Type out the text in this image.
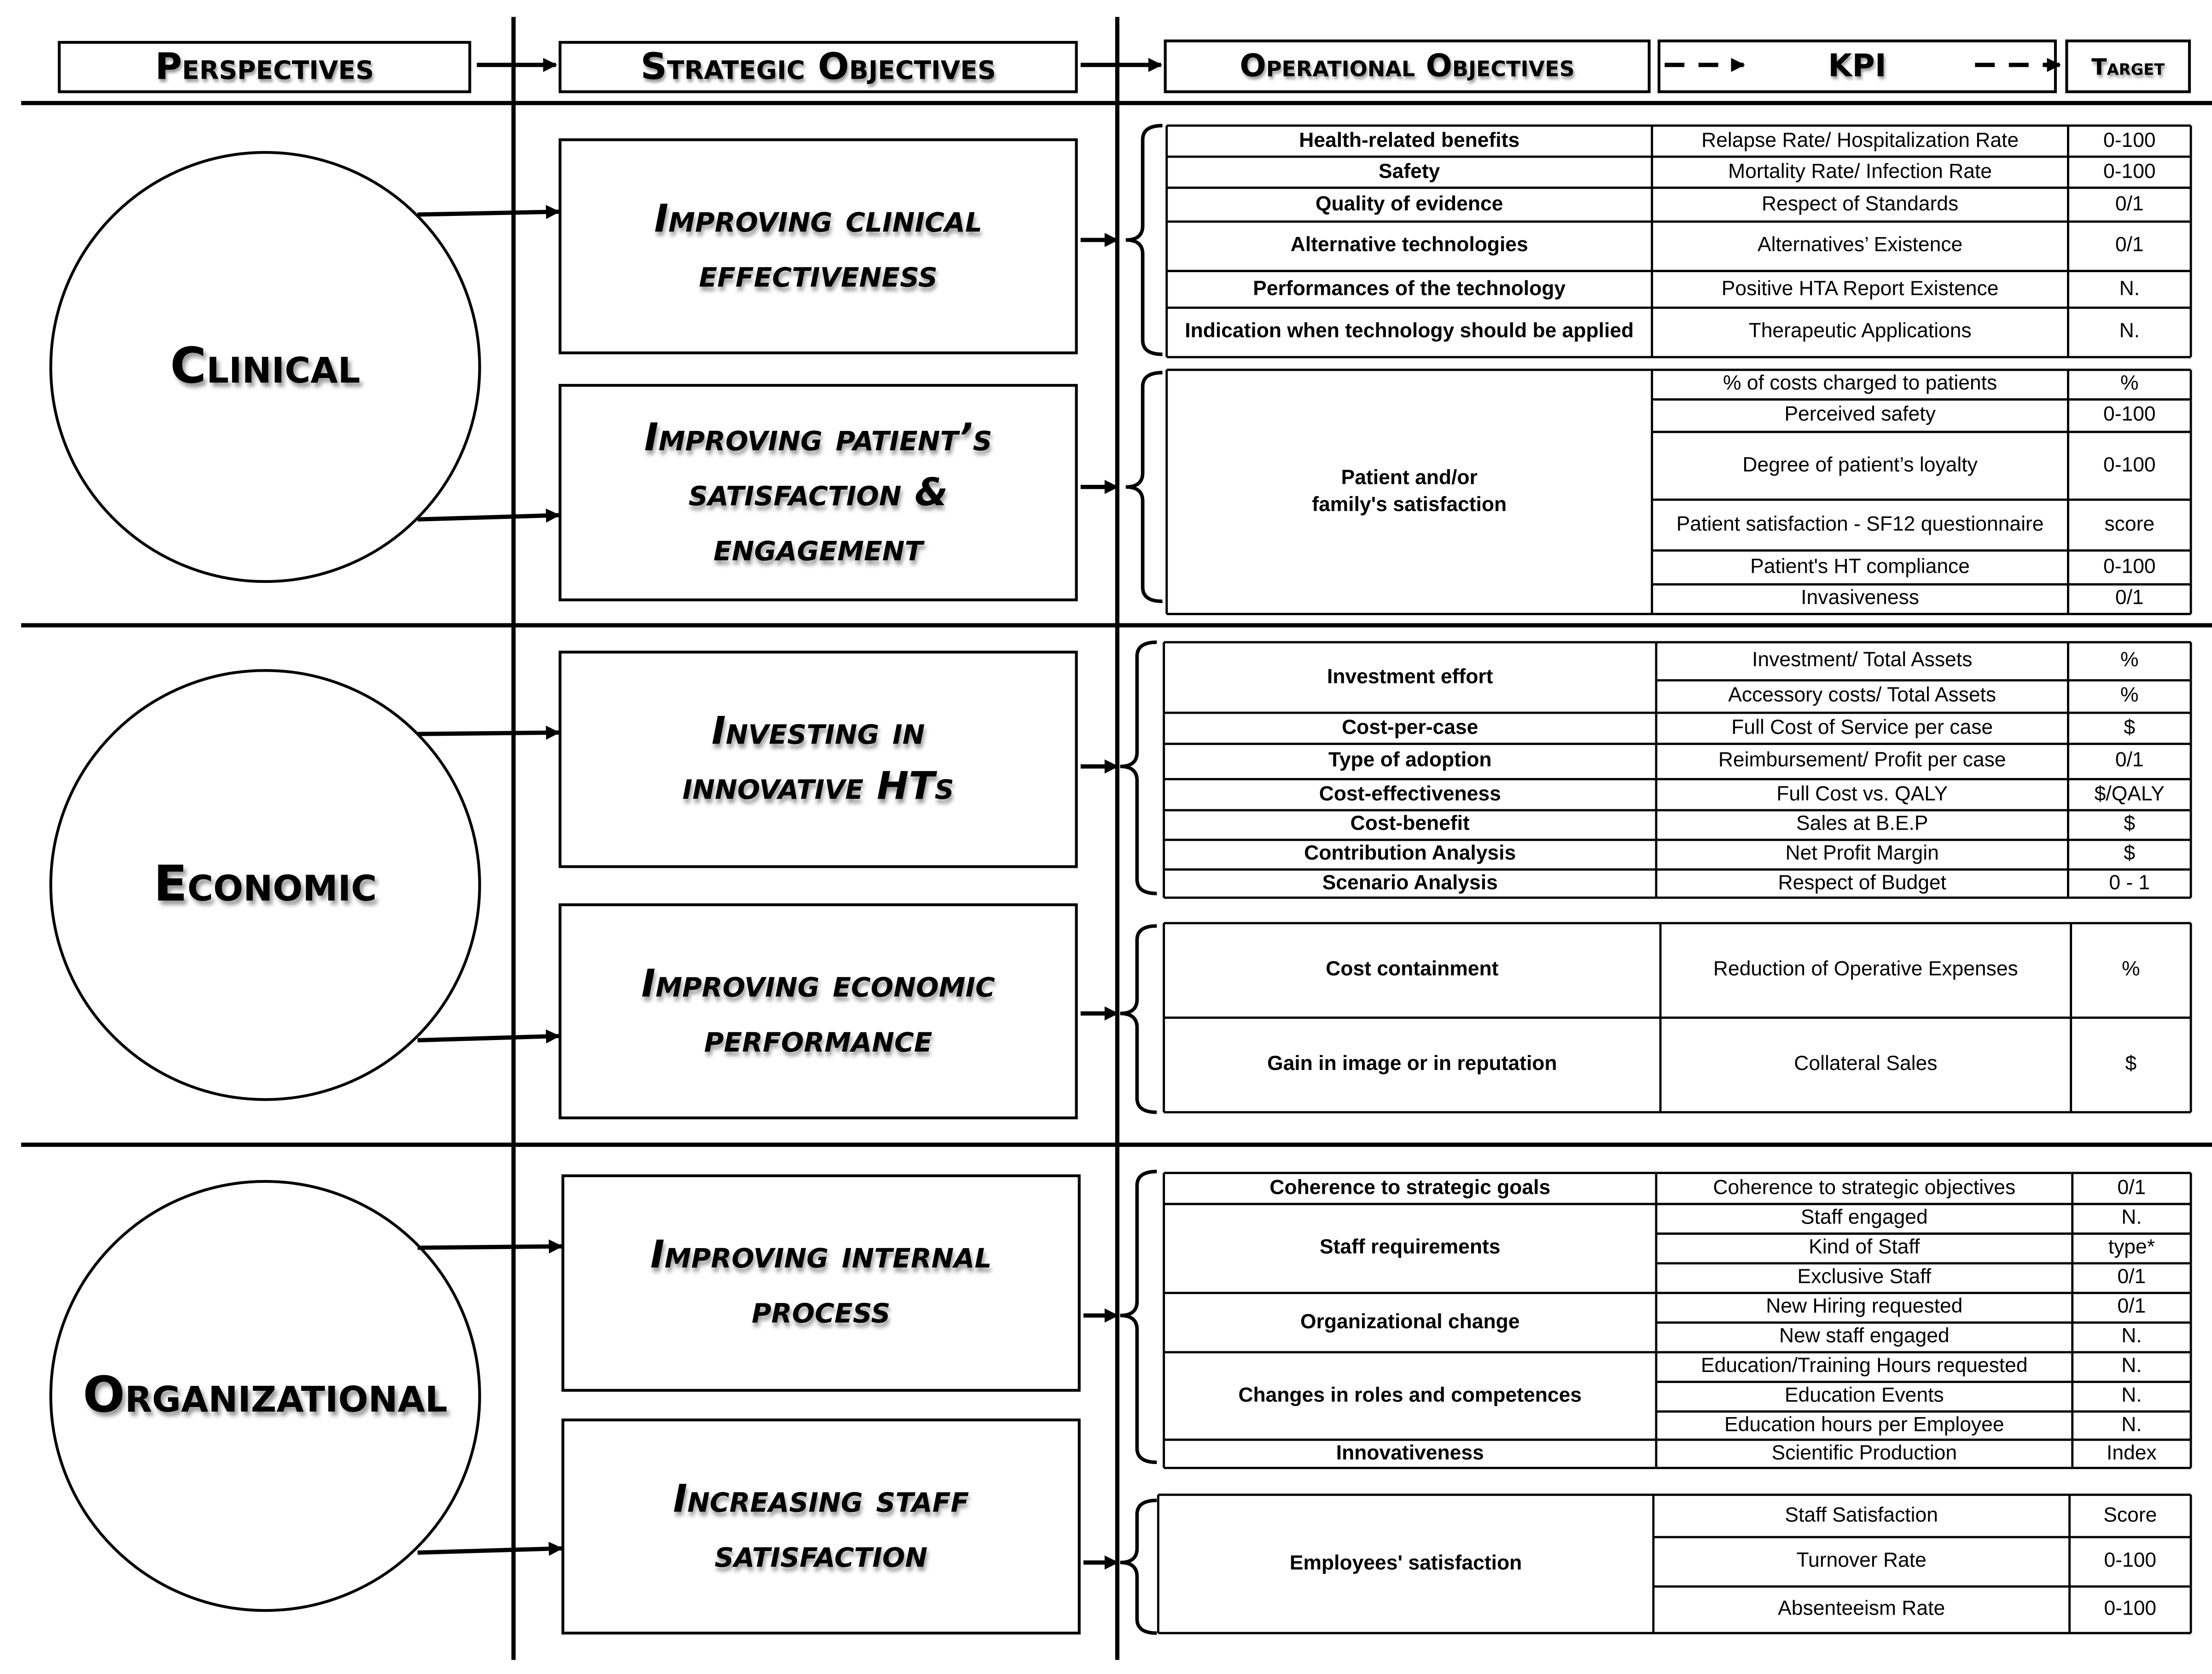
Perspectives	Strategic Objectives	Operational Objectives	KPI	Target
Clinical
Economic
Organizational
Improving clinical
effectiveness
Improving patient’s
satisfaction &
engagement
Investing in
innovative HTs
Improving economic
performance
Improving internal
process
Increasing staff
satisfaction
Health-related benefits	Relapse Rate/ Hospitalization Rate	0-100
Safety	Mortality Rate/ Infection Rate	0-100
Quality of evidence	Respect of Standards	0/1
Alternative technologies	Alternatives’ Existence	0/1
Performances of the technology	Positive HTA Report Existence	N.
Indication when technology should be applied	Therapeutic Applications	N.
Patient and/or
family's satisfaction
% of costs charged to patients	%
Perceived safety	0-100
Degree of patient’s loyalty	0-100
Patient satisfaction - SF12 questionnaire	score
Patient's HT compliance	0-100
Invasiveness	0/1
Investment effort
Investment/ Total Assets	%
Accessory costs/ Total Assets	%
Cost-per-case	Full Cost of Service per case	$
Type of adoption	Reimbursement/ Profit per case	0/1
Cost-effectiveness	Full Cost vs. QALY	$/QALY
Cost-benefit	Sales at B.E.P	$
Contribution Analysis	Net Profit Margin	$
Scenario Analysis	Respect of Budget	0 - 1
Cost containment	Reduction of Operative Expenses	%
Gain in image or in reputation	Collateral Sales	$
Coherence to strategic goals	Coherence to strategic objectives	0/1
Staff requirements
Staff engaged	N.
Kind of Staff	type*
Exclusive Staff	0/1
Organizational change
New Hiring requested	0/1
New staff engaged	N.
Changes in roles and competences
Education/Training Hours requested	N.
Education Events	N.
Education hours per Employee	N.
Innovativeness	Scientific Production	Index
Employees' satisfaction
Staff Satisfaction	Score
Turnover Rate	0-100
Absenteeism Rate	0-100
